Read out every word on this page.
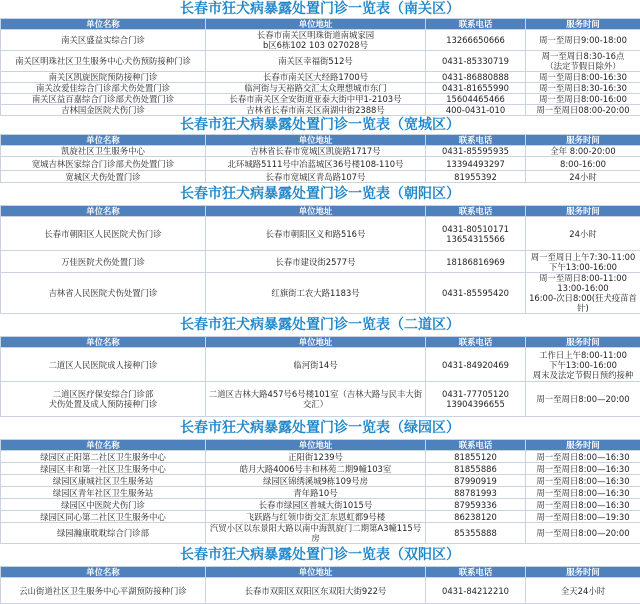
长春市狂犬病暴露处置门诊一览表（南关区）
单位名称	单位地址	联系电话	服务时间
南关区盛益实综合门诊	长春市南关区明珠街道南城家园
b区6栋102 103 027028号	13266650666	周一至周日9:00-18:00
南关区明珠社区卫生服务中心犬伤预防接种门诊	南关区幸福街512号	0431-85330719	周一至周日8:30-16点
（法定节假日除外）
南关区凯旋医院预防接种门诊	长春市南关区大经路1700号	0431-86880888	周一至周日8:00-16:30
南关汝爱佳综合门诊部犬伤处置门诊	临河街与天裕路交汇太众理想城市东门	0431-81655990	周一至周日8:30-16:30
南关区益百嘉综合门诊部犬伤处置门诊	长春市南关区全安街道亚泰大街中甲1-2103号	15604465466	周一至周日8:00-16:00
吉林国金医院犬伤门诊	吉林省长春市南关区南湖中街2388号	400-0431-010	周一至周日08:00-20:00
长春市狂犬病暴露处置门诊一览表（宽城区）
单位名称	单位地址	联系电话	服务时间
凯旋社区卫生服务中心	吉林省长春市宽城区凯旋路1717号	0431-85595935	全年 8:00-20:00
宽城吉林医家综合门诊部犬伤处置门诊	北环城路5111号中冶蓝城区36号楼108-110号	13394493297	8:00-16:00
宽城区犬伤处置门诊	长春市宽城区青岛路107号	81955392	24小时
长春市狂犬病暴露处置门诊一览表（朝阳区）
单位名称	单位地址	联系电话	服务时间
长春市朝阳区人民医院犬伤门诊	长春市朝阳区义和路516号	0431-80510171
13654315566	24小时
万佳医院犬伤处置门诊	长春市建设街2577号	18186816969	周一至周日上午7:30-11:00
下午13:00-16:00
吉林省人民医院犬伤处置门诊	红旗街工农大路1183号	0431-85595420	周一至周日8:00-11:00
13:00-16:00
16:00-次日8:00(狂犬疫苗首针)
长春市狂犬病暴露处置门诊一览表（二道区）
单位名称	单位地址	联系电话	服务时间
二道区人民医院成人接种门诊	临河街14号	0431-84920469	工作日上午8:00-11:00
下午13:00-16:00
周末及法定节假日预约接种
二道区医疗保安综合门诊部
犬伤处置及成人预防接种门诊	二道区吉林大路457号6号楼101室（吉林大路与民丰大街交汇）	0431-77705120
13904396655	周一至周日8:00—20:00
长春市狂犬病暴露处置门诊一览表（绿园区）
单位名称	单位地址	联系电话	服务时间
绿园区正阳第二社区卫生服务中心	正阳街1239号	81855120	周一至周日8:00—16:30
绿园区丰和第一社区卫生服务中心	皓月大路4006号丰和林苑二期9幢103室	81855886	周一至周日8:00—16:30
绿园区康城社区卫生服务站	绿园区锦绣溪城9栋109号房	87990919	周一至周日8:00—16:30
绿园区青年社区卫生服务站	青年路10号	88781993	周一至周日8:00—16:30
绿园区中医院犬伤门诊	长春市绿园区普城大街1015号	87959336	周一至周日8:00—16:30
绿园区同心第二社区卫生服务中心	飞跃路与红领巾街交汇东恩虹都9号楼	86238120	周一至周日8:00—19:30
绿园瀚康耽耽综合门诊部	汽贸小区以东景阳大路以南中海凯旋门二期第A3幢115号房	85355888	周一至周日8:00—20:00
长春市狂犬病暴露处置门诊一览表（双阳区）
单位名称	单位地址	联系电话	服务时间
云山街道社区卫生服务中心平湖预防接种门诊	长春市双阳区双阳区东双阳大街922号	0431-84212210	全天24小时
